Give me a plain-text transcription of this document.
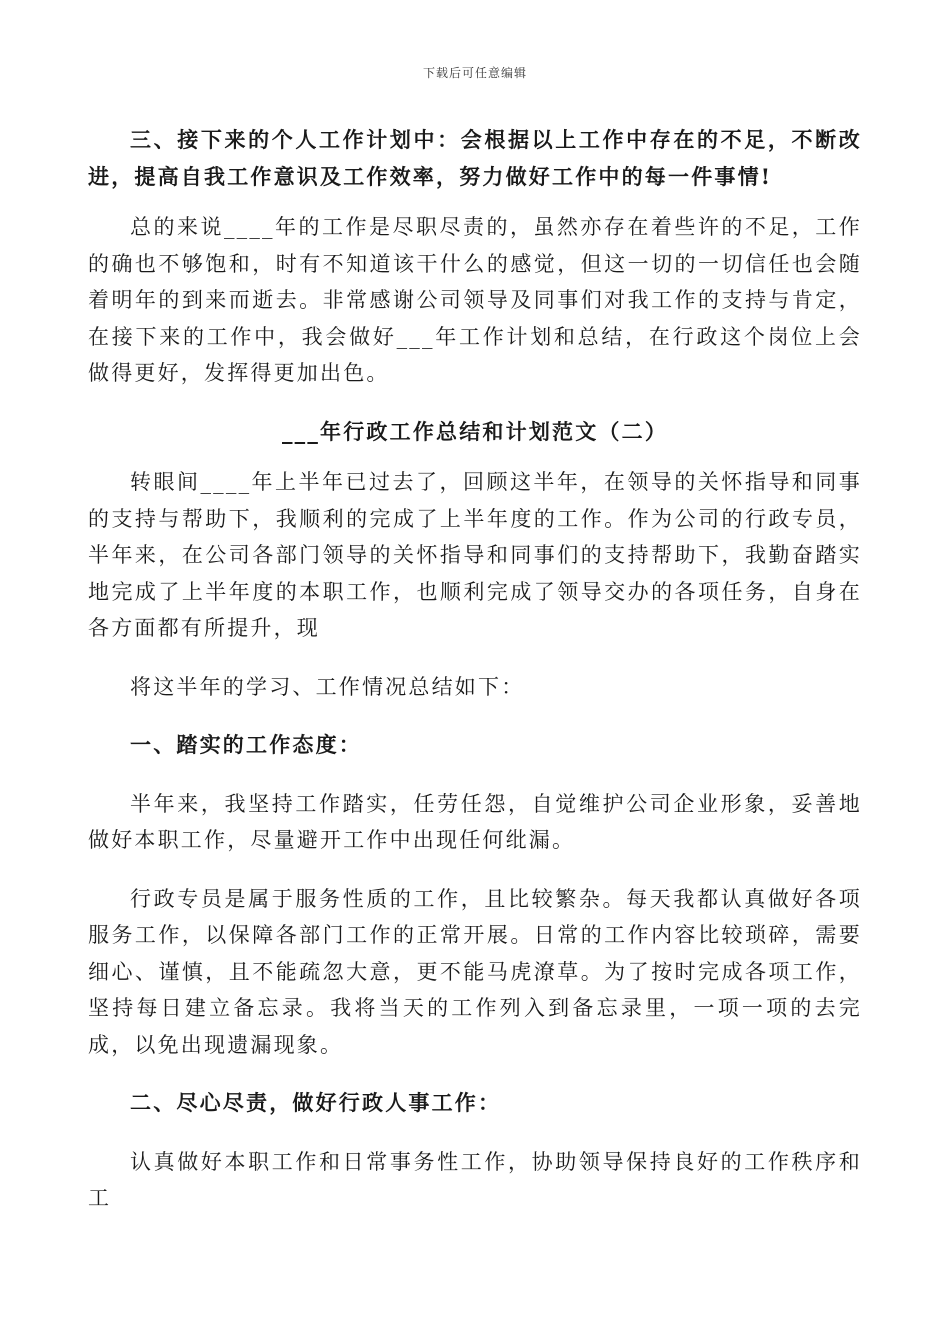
下载后可任意编辑

三、接下来的个人工作计划中：会根据以上工作中存在的不足，不断改进，提高自我工作意识及工作效率，努力做好工作中的每一件事情!

总的来说____年的工作是尽职尽责的，虽然亦存在着些许的不足，工作的确也不够饱和，时有不知道该干什么的感觉，但这一切的一切信任也会随着明年的到来而逝去。非常感谢公司领导及同事们对我工作的支持与肯定，在接下来的工作中，我会做好___年工作计划和总结，在行政这个岗位上会做得更好，发挥得更加出色。

___年行政工作总结和计划范文（二）

转眼间____年上半年已过去了，回顾这半年，在领导的关怀指导和同事的支持与帮助下，我顺利的完成了上半年度的工作。作为公司的行政专员，半年来，在公司各部门领导的关怀指导和同事们的支持帮助下，我勤奋踏实地完成了上半年度的本职工作，也顺利完成了领导交办的各项任务，自身在各方面都有所提升，现

将这半年的学习、工作情况总结如下：

一、踏实的工作态度：

半年来，我坚持工作踏实，任劳任怨，自觉维护公司企业形象，妥善地做好本职工作，尽量避开工作中出现任何纰漏。

行政专员是属于服务性质的工作，且比较繁杂。每天我都认真做好各项服务工作，以保障各部门工作的正常开展。日常的工作内容比较琐碎，需要细心、谨慎，且不能疏忽大意，更不能马虎潦草。为了按时完成各项工作，坚持每日建立备忘录。我将当天的工作列入到备忘录里，一项一项的去完成，以免出现遗漏现象。

二、尽心尽责，做好行政人事工作：

认真做好本职工作和日常事务性工作，协助领导保持良好的工作秩序和工
